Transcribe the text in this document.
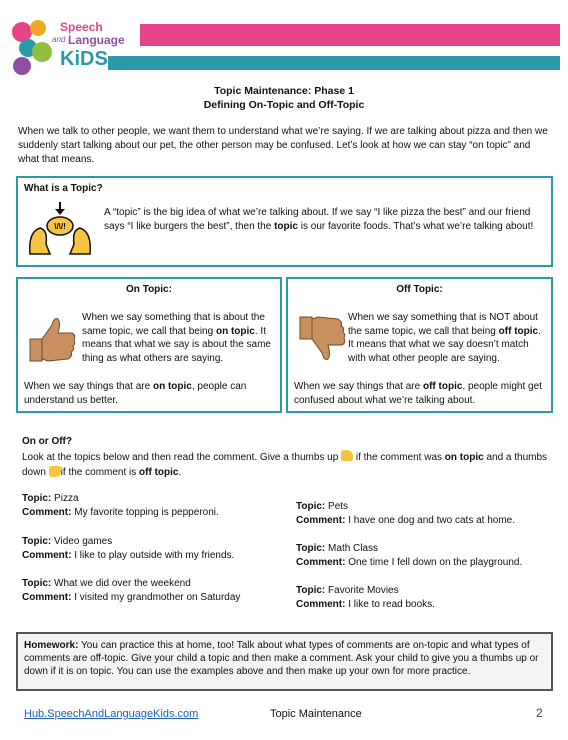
Speech
and Language
KiDS
Topic Maintenance: Phase 1
Defining On-Topic and Off-Topic
When we talk to other people, we want them to understand what we’re saying. If we are talking about pizza and then we suddenly start talking about our pet, the other person may be confused. Let’s look at how we can stay “on topic” and what that means.
What is a Topic?
\/\/!
A “topic” is the big idea of what we’re talking about. If we say “I like pizza the best” and our friend says “I like burgers the best”, then the topic is our favorite foods. That’s what we’re talking about!
On Topic:
When we say something that is about the same topic, we call that being on topic. It means that what we say is about the same thing as what others are saying.
When we say things that are on topic, people can understand us better.
Off Topic:
When we say something that is NOT about the same topic, we call that being off topic. It means that what we say doesn’t match with what other people are saying.
When we say things that are off topic, people might get confused about what we’re talking about.
On or Off?
Look at the topics below and then read the comment. Give a thumbs up  if the comment was on topic and a thumbs down if the comment is off topic.
Topic: Pizza
Comment: My favorite topping is pepperoni.
Topic: Video games
Comment: I like to play outside with my friends.
Topic: What we did over the weekend
Comment: I visited my grandmother on Saturday
Topic: Pets
Comment: I have one dog and two cats at home.
Topic: Math Class
Comment: One time I fell down on the playground.
Topic: Favorite Movies
Comment: I like to read books.
Homework: You can practice this at home, too! Talk about what types of comments are on-topic and what types of comments are off-topic. Give your child a topic and then make a comment. Ask your child to give you a thumbs up or down if it is on topic. You can use the examples above and then make up your own for more practice.
Hub.SpeechAndLanguageKids.com	Topic Maintenance	2
